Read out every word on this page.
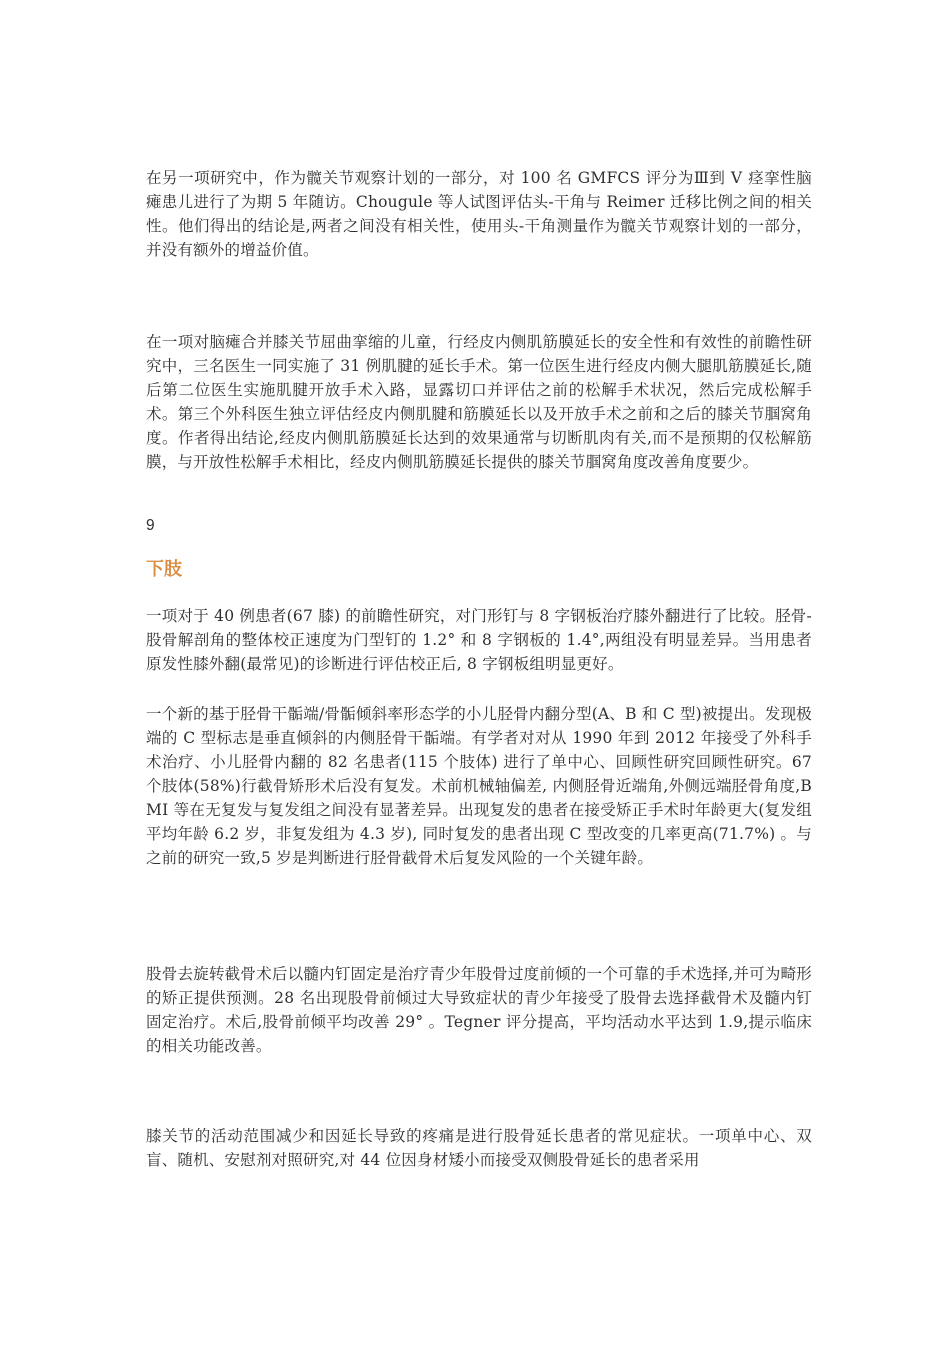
在另一项研究中，作为髋关节观察计划的一部分，对 100 名 GMFCS 评分为Ⅲ到 Ⅴ 痉挛性脑瘫患儿进行了为期 5 年随访。Chougule 等人试图评估头-干角与 Reimer 迁移比例之间的相关性。他们得出的结论是,两者之间没有相关性，使用头-干角测量作为髋关节观察计划的一部分，并没有额外的增益价值。

在一项对脑瘫合并膝关节屈曲挛缩的儿童，行经皮内侧肌筋膜延长的安全性和有效性的前瞻性研究中，三名医生一同实施了 31 例肌腱的延长手术。第一位医生进行经皮内侧大腿肌筋膜延长,随后第二位医生实施肌腱开放手术入路，显露切口并评估之前的松解手术状况，然后完成松解手术。第三个外科医生独立评估经皮内侧肌腱和筋膜延长以及开放手术之前和之后的膝关节腘窝角度。作者得出结论,经皮内侧肌筋膜延长达到的效果通常与切断肌肉有关,而不是预期的仅松解筋膜，与开放性松解手术相比，经皮内侧肌筋膜延长提供的膝关节腘窝角度改善角度要少。

9

下肢

一项对于 40 例患者(67 膝) 的前瞻性研究，对门形钉与 8 字钢板治疗膝外翻进行了比较。胫骨-股骨解剖角的整体校正速度为门型钉的 1.2° 和 8 字钢板的 1.4°,两组没有明显差异。当用患者原发性膝外翻(最常见)的诊断进行评估校正后, 8 字钢板组明显更好。

一个新的基于胫骨干骺端/骨骺倾斜率形态学的小儿胫骨内翻分型(A、B 和 C 型)被提出。发现极端的 C 型标志是垂直倾斜的内侧胫骨干骺端。有学者对对从 1990 年到 2012 年接受了外科手术治疗、小儿胫骨内翻的 82 名患者(115 个肢体) 进行了单中心、回顾性研究回顾性研究。67 个肢体(58%)行截骨矫形术后没有复发。术前机械轴偏差, 内侧胫骨近端角,外侧远端胫骨角度,BMI 等在无复发与复发组之间没有显著差异。出现复发的患者在接受矫正手术时年龄更大(复发组平均年龄 6.2 岁，非复发组为 4.3 岁), 同时复发的患者出现 C 型改变的几率更高(71.7%) 。与之前的研究一致,5 岁是判断进行胫骨截骨术后复发风险的一个关键年龄。

股骨去旋转截骨术后以髓内钉固定是治疗青少年股骨过度前倾的一个可靠的手术选择,并可为畸形的矫正提供预测。28 名出现股骨前倾过大导致症状的青少年接受了股骨去选择截骨术及髓内钉固定治疗。术后,股骨前倾平均改善 29° 。Tegner 评分提高，平均活动水平达到 1.9,提示临床的相关功能改善。

膝关节的活动范围减少和因延长导致的疼痛是进行股骨延长患者的常见症状。一项单中心、双盲、随机、安慰剂对照研究,对 44 位因身材矮小而接受双侧股骨延长的患者采用
